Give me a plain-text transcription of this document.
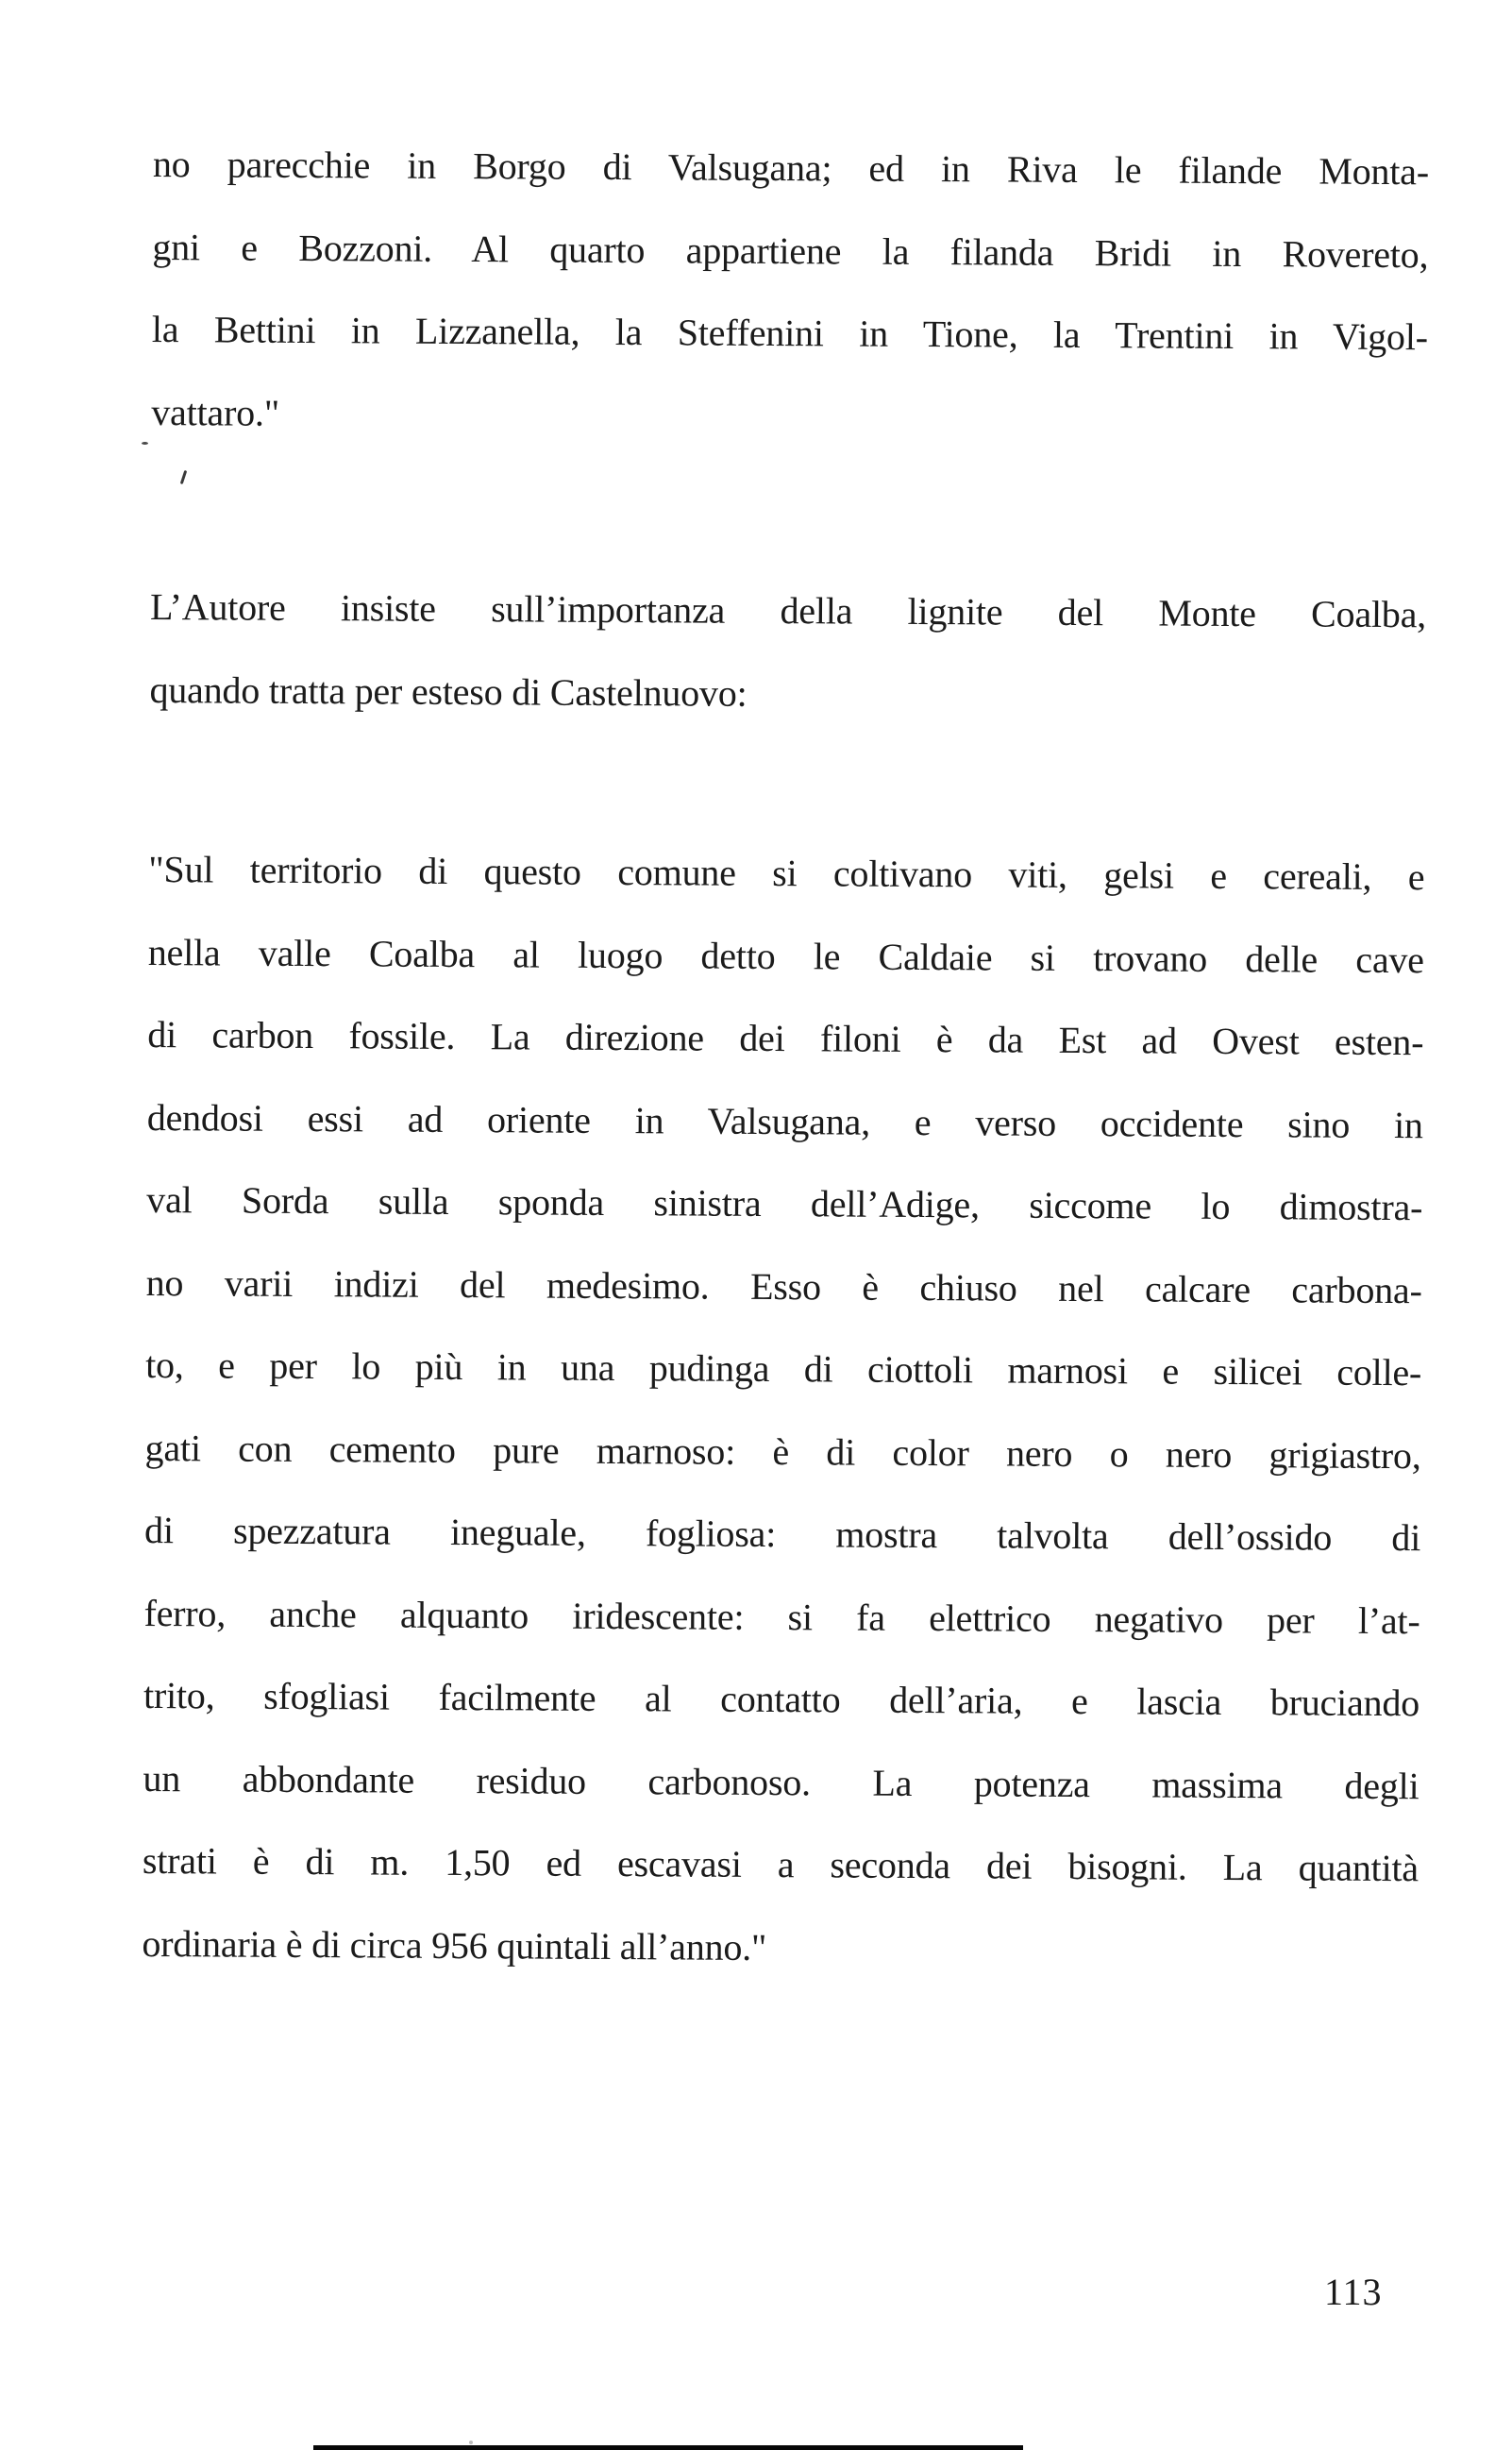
no parecchie in Borgo di Valsugana; ed in Riva le filande Monta-
gni e Bozzoni. Al quarto appartiene la filanda Bridi in Rovereto,
la Bettini in Lizzanella, la Steffenini in Tione, la Trentini in Vigol-
vattaro."
L’Autore insiste sull’importanza della lignite del Monte Coalba,
quando tratta per esteso di Castelnuovo:
"Sul territorio di questo comune si coltivano viti, gelsi e cereali, e
nella valle Coalba al luogo detto le Caldaie si trovano delle cave
di carbon fossile. La direzione dei filoni è da Est ad Ovest esten-
dendosi essi ad oriente in Valsugana, e verso occidente sino in
val Sorda sulla sponda sinistra dell’Adige, siccome lo dimostra-
no varii indizi del medesimo. Esso è chiuso nel calcare carbona-
to, e per lo più in una pudinga di ciottoli marnosi e silicei colle-
gati con cemento pure marnoso: è di color nero o nero grigiastro,
di spezzatura ineguale, fogliosa: mostra talvolta dell’ossido di
ferro, anche alquanto iridescente: si fa elettrico negativo per l’at-
trito, sfogliasi facilmente al contatto dell’aria, e lascia bruciando
un abbondante residuo carbonoso. La potenza massima degli
strati è di m. 1,50 ed escavasi a seconda dei bisogni. La quantità
ordinaria è di circa 956 quintali all’anno."
113
